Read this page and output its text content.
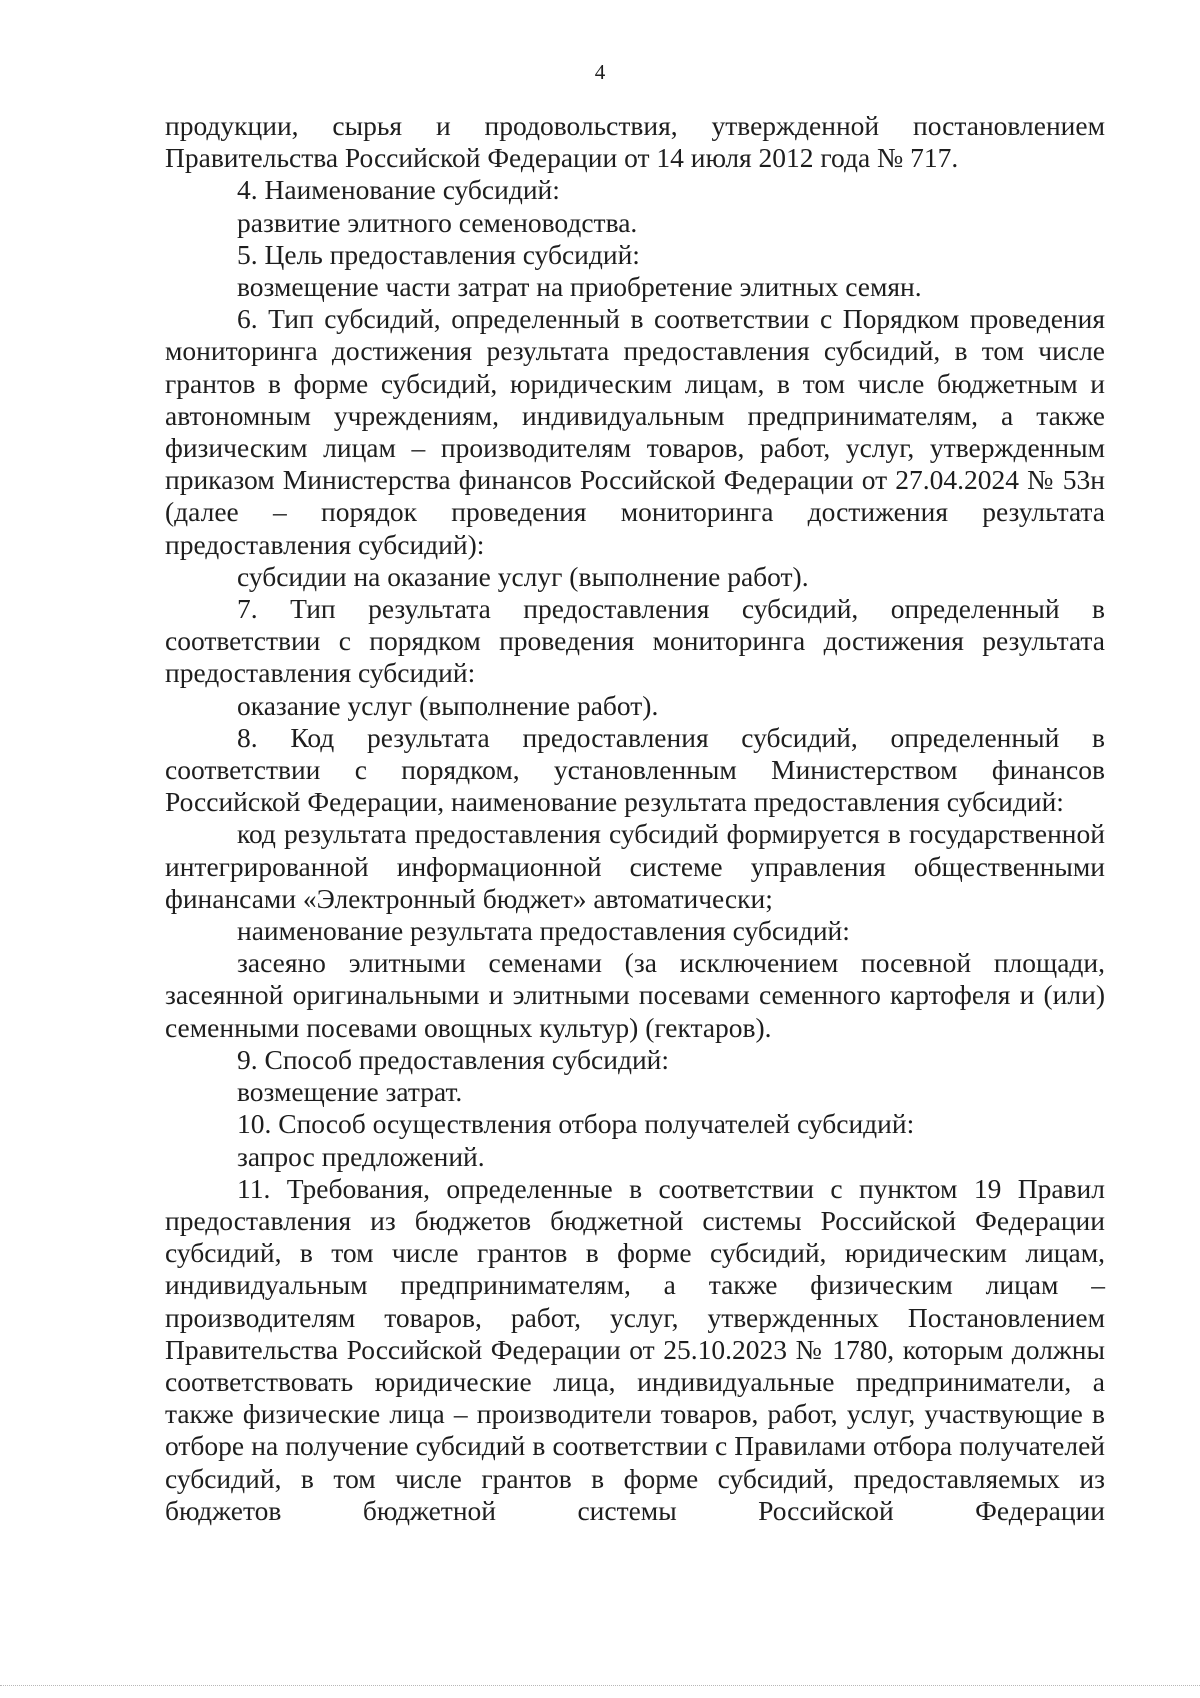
4

продукции, сырья и продовольствия, утвержденной постановлением Правительства Российской Федерации от 14 июля 2012 года № 717.

4. Наименование субсидий:

развитие элитного семеноводства.

5. Цель предоставления субсидий:

возмещение части затрат на приобретение элитных семян.

6. Тип субсидий, определенный в соответствии с Порядком проведения мониторинга достижения результата предоставления субсидий, в том числе грантов в форме субсидий, юридическим лицам, в том числе бюджетным и автономным учреждениям, индивидуальным предпринимателям, а также физическим лицам – производителям товаров, работ, услуг, утвержденным приказом Министерства финансов Российской Федерации от 27.04.2024 № 53н (далее – порядок проведения мониторинга достижения результата предоставления субсидий):

субсидии на оказание услуг (выполнение работ).

7. Тип результата предоставления субсидий, определенный в соответствии с порядком проведения мониторинга достижения результата предоставления субсидий:

оказание услуг (выполнение работ).

8. Код результата предоставления субсидий, определенный в соответствии с порядком, установленным Министерством финансов Российской Федерации, наименование результата предоставления субсидий:

код результата предоставления субсидий формируется в государственной интегрированной информационной системе управления общественными финансами «Электронный бюджет» автоматически;

наименование результата предоставления субсидий:

засеяно элитными семенами (за исключением посевной площади, засеянной оригинальными и элитными посевами семенного картофеля и (или) семенными посевами овощных культур) (гектаров).

9. Способ предоставления субсидий:

возмещение затрат.

10. Способ осуществления отбора получателей субсидий:

запрос предложений.

11. Требования, определенные в соответствии с пунктом 19 Правил предоставления из бюджетов бюджетной системы Российской Федерации субсидий, в том числе грантов в форме субсидий, юридическим лицам, индивидуальным предпринимателям, а также физическим лицам – производителям товаров, работ, услуг, утвержденных Постановлением Правительства Российской Федерации от 25.10.2023 № 1780, которым должны соответствовать юридические лица, индивидуальные предприниматели, а также физические лица – производители товаров, работ, услуг, участвующие в отборе на получение субсидий в соответствии с Правилами отбора получателей субсидий, в том числе грантов в форме субсидий, предоставляемых из бюджетов бюджетной системы Российской Федерации
